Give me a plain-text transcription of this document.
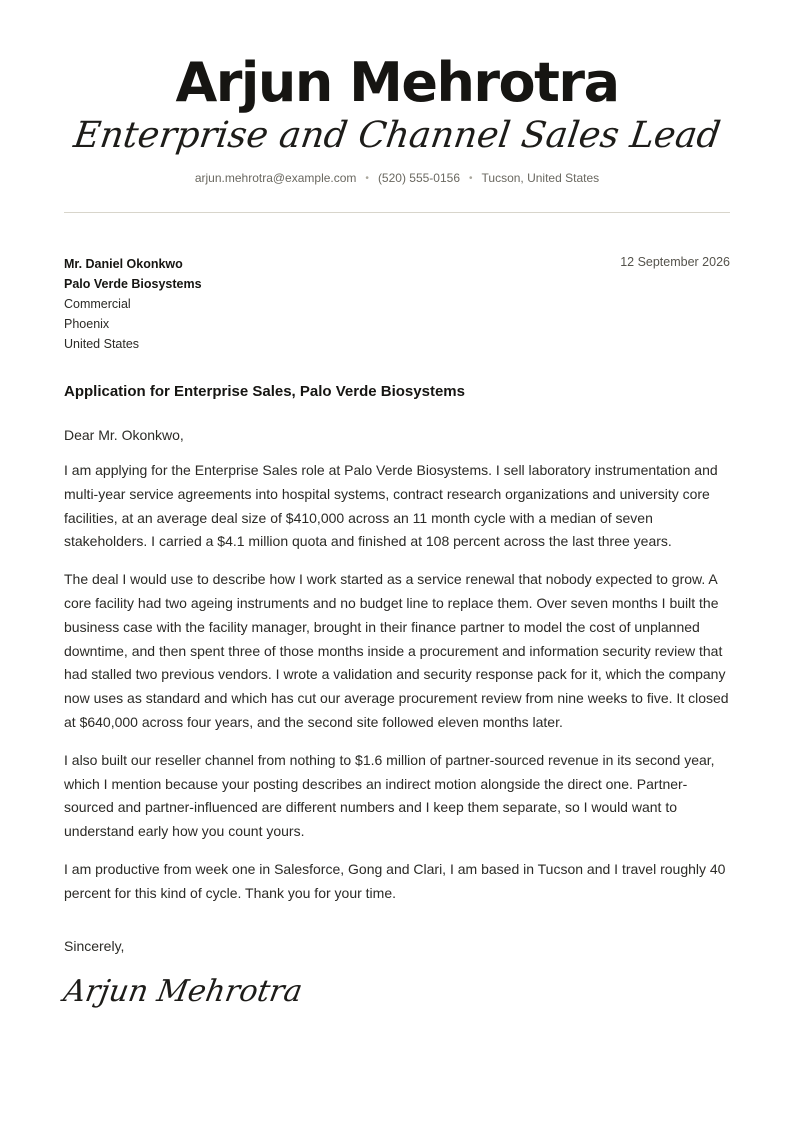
Arjun Mehrotra
Enterprise and Channel Sales Lead
arjun.mehrotra@example.com • (520) 555-0156 • Tucson, United States
Mr. Daniel Okonkwo
Palo Verde Biosystems
Commercial
Phoenix
United States
12 September 2026
Application for Enterprise Sales, Palo Verde Biosystems
Dear Mr. Okonkwo,
I am applying for the Enterprise Sales role at Palo Verde Biosystems. I sell laboratory instrumentation and multi-year service agreements into hospital systems, contract research organizations and university core facilities, at an average deal size of $410,000 across an 11 month cycle with a median of seven stakeholders. I carried a $4.1 million quota and finished at 108 percent across the last three years.
The deal I would use to describe how I work started as a service renewal that nobody expected to grow. A core facility had two ageing instruments and no budget line to replace them. Over seven months I built the business case with the facility manager, brought in their finance partner to model the cost of unplanned downtime, and then spent three of those months inside a procurement and information security review that had stalled two previous vendors. I wrote a validation and security response pack for it, which the company now uses as standard and which has cut our average procurement review from nine weeks to five. It closed at $640,000 across four years, and the second site followed eleven months later.
I also built our reseller channel from nothing to $1.6 million of partner-sourced revenue in its second year, which I mention because your posting describes an indirect motion alongside the direct one. Partner-sourced and partner-influenced are different numbers and I keep them separate, so I would want to understand early how you count yours.
I am productive from week one in Salesforce, Gong and Clari, I am based in Tucson and I travel roughly 40 percent for this kind of cycle. Thank you for your time.
Sincerely,
Arjun Mehrotra
